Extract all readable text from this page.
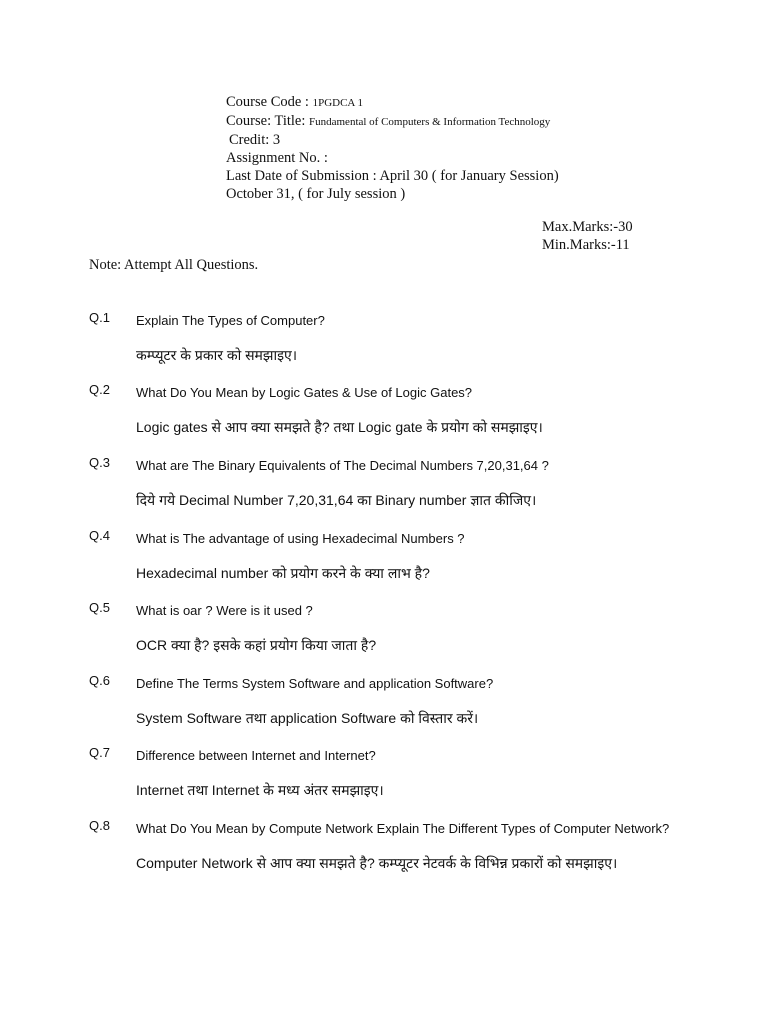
Course Code : 1PGDCA 1
Course: Title: Fundamental of Computers & Information Technology
Credit: 3
Assignment No. :
Last Date of Submission : April 30 ( for January Session)
October 31, ( for July session )
Max.Marks:-30
Min.Marks:-11
Note: Attempt All Questions.
Q.1 Explain The Types of Computer?
कम्प्यूटर के प्रकार को समझाइए।
Q.2 What Do You Mean by Logic Gates & Use of Logic Gates?
Logic gates से आप क्या समझते है? तथा Logic gate के प्रयोग को समझाइए।
Q.3 What are The Binary Equivalents of The Decimal Numbers 7,20,31,64 ?
दिये गये Decimal Number 7,20,31,64 का Binary number ज्ञात कीजिए।
Q.4 What is The advantage of using Hexadecimal Numbers ?
Hexadecimal number को प्रयोग करने के क्या लाभ है?
Q.5 What is oar ? Were is it used ?
OCR क्या है? इसके कहां प्रयोग किया जाता है?
Q.6 Define The Terms System Software and application Software?
System Software तथा application Software को विस्तार करें।
Q.7 Difference between Internet and Internet?
Internet तथा Internet के मध्य अंतर समझाइए।
Q.8 What Do You Mean by Compute Network Explain The Different Types of Computer Network?
Computer Network से आप क्या समझते है? कम्प्यूटर नेटवर्क के विभिन्न प्रकारों को समझाइए।
